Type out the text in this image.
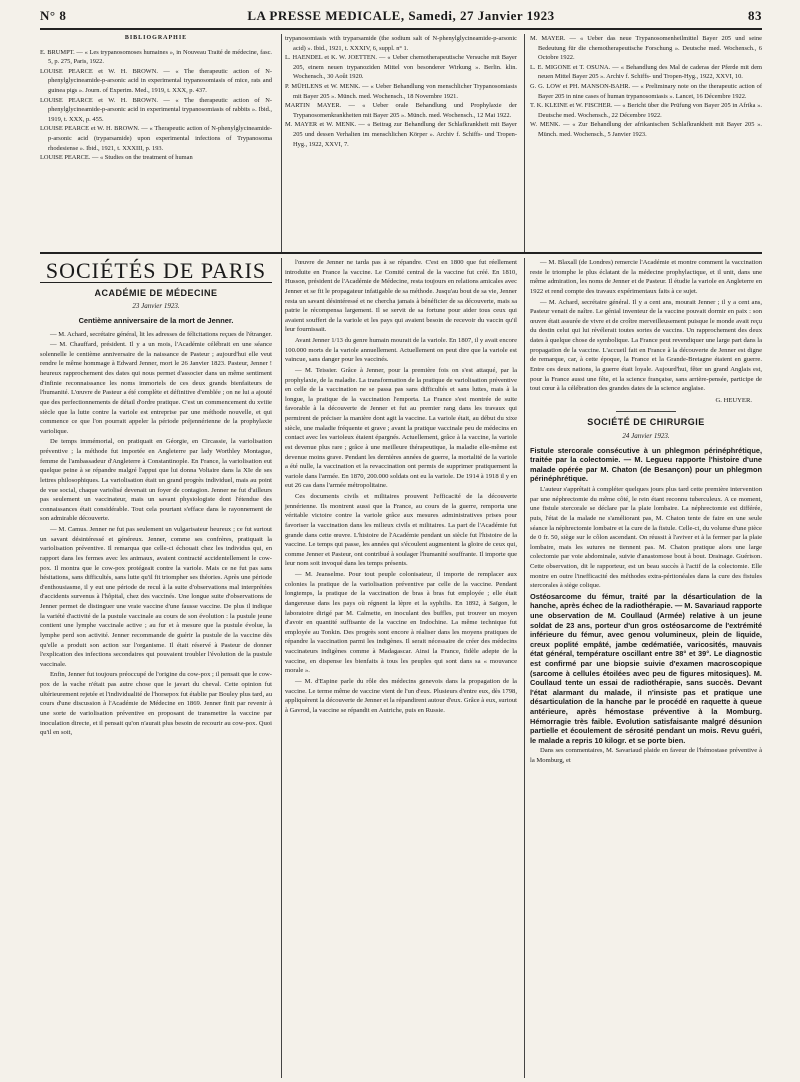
N° 8	LA PRESSE MEDICALE, Samedi, 27 Janvier 1923	83

BIBLIOGRAPHIE

E. BRUMPT. — « Les trypanosomoses humaines », in Nouveau Traité de médecine, fasc. 5, p. 275, Paris, 1922.

LOUISE PEARCE et W. H. BROWN. — « The therapeutic action of N-phenylglycineamide-p-arsonic acid in experimental trypanosomiasis of mice, rats and guinea pigs ». Journ. of Experim. Med., 1919, t. XXX, p. 437.

LOUISE PEARCE et W. H. BROWN. — « The therapeutic action of N-phenylglycineamide-p-arsonic acid in experimental trypanosomiasis of rabbits ». Ibid., 1919, t. XXX, p. 455.

LOUISE PEARCE et W. H. BROWN. — « Therapeutic action of N-phenylglycineamide-p-arsonic acid (tryparsamide) upon experimental infections of Trypanosoma rhodesiense ». Ibid., 1921, t. XXXIII, p. 193.

LOUISE PEARCE. — « Studies on the treatment of human

trypanosomiasis with tryparsamide (the sodium salt of N-phenylglycineamide-p-arsonic acid) ». Ibid., 1921, t. XXXIV, 6, suppl. n° 1.

L. HAENDEL et K. W. JOETTEN. — « Ueber chemotherapeutische Versuche mit Bayer 205, einem neuen trypanoziden Mittel von besonderer Wirkung ». Berlin. klin. Wochensch., 30 Août 1920.

P. MÜHLENS et W. MENK. — « Ueber Behandlung von menschlicher Trypanosomiasis mit Bayer 205 ». Münch. med. Wochensch., 18 Novembre 1921.

MARTIN MAYER. — « Ueber orale Behandlung und Prophylaxie der Trypanosomenkrankheiten mit Bayer 205 ». Münch. med. Wochensch., 12 Mai 1922.

M. MAYER et W. MENK. — « Beitrag zur Behandlung der Schlafkrankheit mit Bayer 205 und dessen Verhalten im menschlichen Körper ». Archiv f. Schiffs- und Tropen-Hyg., 1922, XXVI, 7.

M. MAYER. — « Ueber das neue Trypanosomenheilmittel Bayer 205 und seine Bedeutung für die chemotherapeutische Forschung ». Deutsche med. Wochensch., 6 Octobre 1922.

L. E. MIGONE et T. OSUNA. — « Behandlung des Mal de caderas der Pferde mit dem neuen Mittel Bayer 205 ». Archiv f. Schiffs- und Tropen-Hyg., 1922, XXVI, 10.

G. G. LOW et PH. MANSON-BAHR. — « Preliminary note on the therapeutic action of Bayer 205 in nine cases of human trypanosomiasis ». Lancet, 16 Décembre 1922.

T. K. KLEINE et W. FISCHER. — « Bericht über die Prüfung von Bayer 205 in Afrika ». Deutsche med. Wochensch., 22 Décembre 1922.

W. MENK. — « Zur Behandlung der afrikanischen Schlafkrankheit mit Bayer 205 ». Münch. med. Wochensch., 5 Janvier 1923.

SOCIÉTÉS DE PARIS
ACADÉMIE DE MÉDECINE
23 Janvier 1923.
Centième anniversaire de la mort de Jenner.

— M. Achard, secrétaire général, lit les adresses de félicitations reçues de l'étranger.

— M. Chauffard, président. Il y a un mois, l'Académie célébrait en une séance solennelle le centième anniversaire de la naissance de Pasteur ; aujourd'hui elle veut rendre le même hommage à Edward Jenner, mort le 26 Janvier 1823. Pasteur, Jenner ! heureux rapprochement des dates qui nous permet d'associer dans un même sentiment d'infinie reconnaissance les noms immortels de ces deux grands bienfaiteurs de l'humanité. L'œuvre de Pasteur a été complète et définitive d'emblée ; on ne lui a ajouté que des perfectionnements de détail d'ordre pratique. C'est un commencement du xviiie siècle que la lutte contre la variole est entreprise par une méthode nouvelle, et qui commence ce que l'on pourrait appeler la période préjennérienne de la prophylaxie variolique.

De temps immémorial, on pratiquait en Géorgie, en Circassie, la variolisation préventive ; la méthode fut importée en Angleterre par lady Worthley Montague, femme de l'ambassadeur d'Angleterre à Constantinople. En France, la variolisation eut quelque peine à se répandre malgré l'appui que lui donna Voltaire dans la XIe de ses lettres philosophiques. La variolisation était un grand progrès individuel, mais au point de vue social, chaque variolisé devenait un foyer de contagion. Jenner ne fut d'ailleurs pas seulement un vaccinateur, mais un savant physiologiste dont l'étendue des connaissances était considérable. Tout cela pourtant s'efface dans le rayonnement de son admirable découverte.

— M. Camus. Jenner ne fut pas seulement un vulgarisateur heureux ; ce fut surtout un savant désintéressé et généreux. Jenner, comme ses confrères, pratiquait la variolisation préventive. Il remarqua que celle-ci échouait chez les individus qui, en rapport dans les fermes avec les animaux, avaient contracté accidentellement le cow-pox. Il montra que le cow-pox protégeait contre la variole. Mais ce ne fut pas sans hésitations, sans difficultés, sans lutte qu'il fit triompher ses théories. Après une période d'enthousiasme, il y eut une période de recul à la suite d'observations mal interprétées d'accidents survenus à l'hôpital, chez des vaccinés. Une longue suite d'observations de Jenner permet de distinguer une vraie vaccine d'une fausse vaccine. De plus il indique la variété d'activité de la pustule vaccinale au cours de son évolution : la pustule jeune contient une lymphe vaccinale active ; au fur et à mesure que la pustule évolue, la lymphe perd son activité. Jenner recommande de guérir la pustule de la vaccine dès qu'elle a produit son action sur l'organisme. Il était réservé à Pasteur de donner l'explication des infections secondaires qui pouvaient troubler l'évolution de la pustule vaccinale.

Enfin, Jenner fut toujours préoccupé de l'origine du cow-pox ; il pensait que le cow-pox de la vache n'était pas autre chose que le javart du cheval. Cette opinion fut ultérieurement rejetée et l'individualité de l'horsepox fut établie par Bouley plus tard, au cours d'une discussion à l'Académie de Médecine en 1869. Jenner finit par revenir à une sorte de variolisation préventive en proposant de transmettre la vaccine par inoculation directe, et il pensait qu'on n'aurait plus besoin de recourir au cow-pox. Quoi qu'il en soit,

l'œuvre de Jenner ne tarda pas à se répandre. C'est en 1800 que fut réellement introduite en France la vaccine. Le Comité central de la vaccine fut créé. En 1810, Husson, président de l'Académie de Médecine, resta toujours en relations amicales avec Jenner et se fit le propagateur infatigable de sa méthode. Jusqu'au bout de sa vie, Jenner resta un savant désintéressé et ne chercha jamais à bénéficier de sa découverte, mais sa patrie le récompensa largement. Il se servit de sa fortune pour aider tous ceux qui avaient souffert de la variole et les pays qui avaient besoin de recevoir du vaccin qu'il leur fournissait.

Avant Jenner 1/13 du genre humain mourait de la variole. En 1807, il y avait encore 100.000 morts de la variole annuellement. Actuellement on peut dire que la variole est vaincue, sans danger pour les vaccinés.

— M. Teissier. Grâce à Jenner, pour la première fois on s'est attaqué, par la prophylaxie, de la maladie. La transformation de la pratique de variolisation préventive en celle de la vaccination ne se passa pas sans difficultés et sans luttes, mais à la longue, la pratique de la vaccination l'emporta. La France s'est montrée de suite favorable à la découverte de Jenner et fut au premier rang dans les travaux qui permirent de préciser la manière dont agit la vaccine. La variole était, au début du xixe siècle, une maladie fréquente et grave ; avant la pratique vaccinale peu de médecins en contact avec les varioleux étaient épargnés. Actuellement, grâce à la vaccine, la variole est devenue plus rare ; grâce à une meilleure thérapeutique, la maladie elle-même est devenue moins grave. Pendant les dernières années de guerre, la mortalité de la variole a été nulle, la vaccination et la revaccination ont permis de supprimer pratiquement la variole dans l'armée. En 1870, 200.000 soldats ont eu la variole. De 1914 à 1918 il y en eut 26 cas dans l'armée métropolitaine.

Ces documents civils et militaires prouvent l'efficacité de la découverte jennérienne. Ils montrent aussi que la France, au cours de la guerre, remporta une véritable victoire contre la variole grâce aux mesures administratives prises pour favoriser la vaccination dans les milieux civils et militaires. La part de l'Académie fut grande dans cette œuvre. L'histoire de l'Académie pendant un siècle fut l'histoire de la vaccine. Le temps qui passe, les années qui s'écoulent augmentent la gloire de ceux qui, comme Jenner et Pasteur, ont contribué à soulager l'humanité souffrante. Il importe que leur nom soit invoqué dans les temps présents.

— M. Jeanselme. Pour tout peuple colonisateur, il importe de remplacer aux colonies la pratique de la variolisation préventive par celle de la vaccine. Pendant longtemps, la pratique de la vaccination de bras à bras fut employée ; elle était dangereuse dans les pays où régnent la lèpre et la syphilis. En 1892, à Saïgon, le laboratoire dirigé par M. Calmette, en inoculant des buffles, put trouver un moyen d'avoir en quantité suffisante de la vaccine en Indochine. La même technique fut employée au Tonkin. Des progrès sont encore à réaliser dans les moyens pratiques de répandre la vaccination parmi les indigènes. Il serait nécessaire de créer des médecins vaccinateurs indigènes comme à Madagascar. Ainsi la France, fidèle adepte de la vaccine, en dispense les bienfaits à tous les peuples qui sont dans sa « mouvance morale ».

— M. d'Espine parle du rôle des médecins genevois dans la propagation de la vaccine. Le terme même de vaccine vient de l'un d'eux. Plusieurs d'entre eux, dès 1798, appliquèrent la découverte de Jenner et la répandirent autour d'eux. Grâce à eux, surtout à Gavrod, la vaccine se répandit en Autriche, puis en Russie.

— M. Blaxall (de Londres) remercie l'Académie et montre comment la vaccination reste le triomphe le plus éclatant de la médecine prophylactique, et il unit, dans une même admiration, les noms de Jenner et de Pasteur. Il étudie la variole en Angleterre en 1922 et rend compte des travaux expérimentaux faits à ce sujet.

— M. Achard, secrétaire général. Il y a cent ans, mourait Jenner ; il y a cent ans, Pasteur venait de naître. Le génial inventeur de la vaccine pouvait dormir en paix : son œuvre était assurée de vivre et de croître merveilleusement puisque le monde avait reçu du destin celui qui lui révélerait toutes sortes de vaccins. Un rapprochement des deux dates à quelque chose de symbolique. La France peut revendiquer une large part dans la propagation de la vaccine. L'accueil fait en France à la découverte de Jenner est digne de remarque, car, à cette époque, la France et la Grande-Bretagne étaient en guerre. Entre ces deux nations, la guerre était loyale. Aujourd'hui, fêter un grand Anglais est, pour la France aussi une fête, et la science française, sans arrière-pensée, participe de tout cœur à la célébration des grandes dates de la science anglaise.

G. HEUYER.
SOCIÉTÉ DE CHIRURGIE
24 Janvier 1923.

Fistule stercorale consécutive à un phlegmon périnéphrétique, traitée par la colectomie. — M. Legueu rapporte l'histoire d'une malade opérée par M. Chaton (de Besançon) pour un phlegmon périnéphrétique.

L'auteur s'apprêtait à compléter quelques jours plus tard cette première intervention par une néphrectomie du même côté, le rein étant reconnu tuberculeux. A ce moment, une fistule stercorale se déclare par la plaie lombaire. La néphrectomie est différée, puis, l'état de la malade ne s'améliorant pas, M. Chaton tente de faire en une seule séance la néphrectomie lombaire et la cure de la fistule. Celle-ci, du volume d'une pièce de 0 fr. 50, siège sur le côlon ascendant. On réussit à l'aviver et à la fermer par la plaie lombaire, mais les sutures ne tiennent pas. M. Chaton pratique alors une large colectomie par voie abdominale, suivie d'anastomose bout à bout. Drainage. Guérison. Cette observation, dit le rapporteur, est un beau succès à l'actif de la colectomie. Elle montre en outre l'inefficacité des méthodes extra-péritonéales dans la cure des fistules stercorales à siège colique.

Ostéosarcome du fémur, traité par la désarticulation de la hanche, après échec de la radiothérapie. — M. Savariaud rapporte une observation de M. Coullaud (Armée) relative à un jeune soldat de 23 ans, porteur d'un gros ostéosarcome de l'extrémité inférieure du fémur, avec genou volumineux, plein de liquide, creux poplité empâté, jambe œdématiée, varicosités, mauvais état général, température oscillant entre 38° et 39°. Le diagnostic est confirmé par une biopsie suivie d'examen macroscopique (sarcome à cellules étoilées avec peu de figures mitosiques). M. Coullaud tente un essai de radiothérapie, sans succès. Devant l'état alarmant du malade, il n'insiste pas et pratique une désarticulation de la hanche par le procédé en raquette à queue antérieure, après hémostase préventive à la Momburg. Hémorragie très faible. Evolution satisfaisante malgré désunion partielle et écoulement de sérosité pendant un mois. Revu guéri, le malade a repris 10 kilogr. et se porte bien.

Dans ses commentaires, M. Savariaud plaide en faveur de l'hémostase préventive à la Momburg, et
